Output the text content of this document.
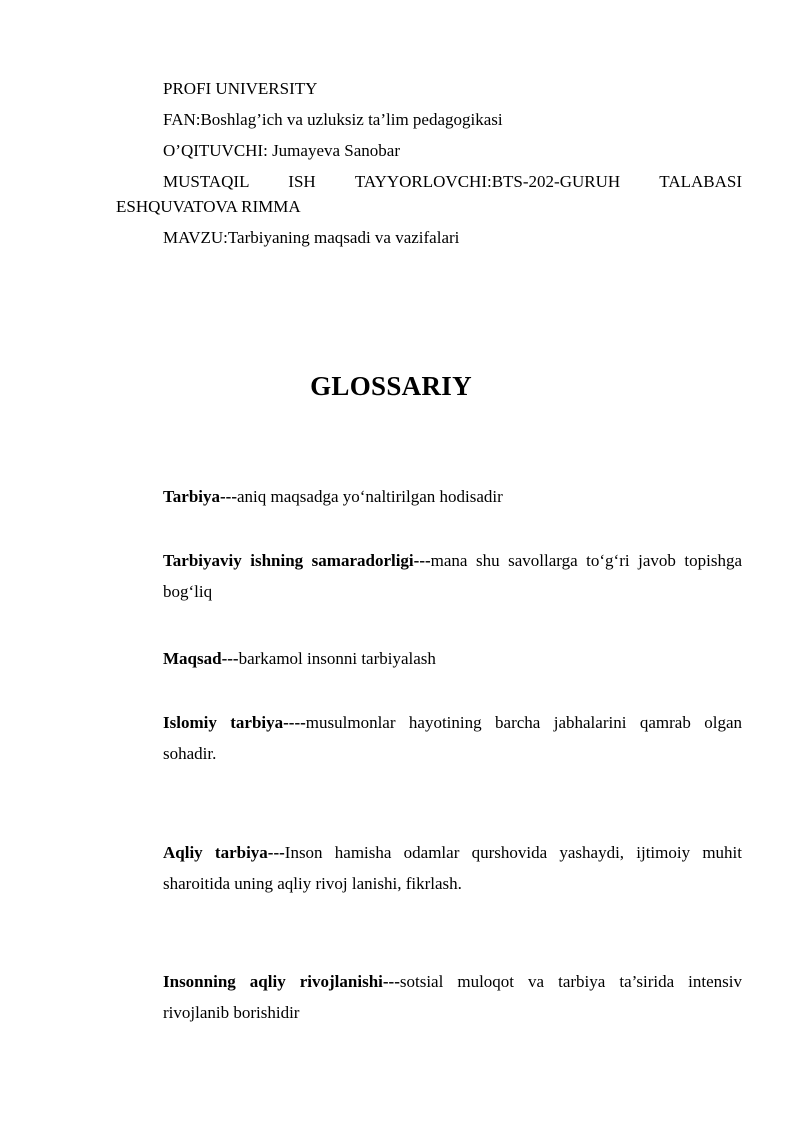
PROFI UNIVERSITY
FAN:Boshlag’ich va uzluksiz ta’lim pedagogikasi
O’QITUVCHI: Jumayeva Sanobar
MUSTAQIL ISH TAYYORLOVCHI:BTS-202-GURUH TALABASI
ESHQUVATOVA RIMMA
MAVZU:Tarbiyaning maqsadi va vazifalari
GLOSSARIY
Tarbiya---aniq maqsadga yo‘naltirilgan hodisadir
Tarbiyaviy ishning samaradorligi---mana shu savollarga to‘g‘ri javob topishga bog‘liq
Maqsad---barkamol insonni tarbiyalash
Islomiy tarbiya----musulmonlar hayotining barcha jabhalarini qamrab olgan sohadir.
Aqliy tarbiya---Inson hamisha odamlar qurshovida yashaydi, ijtimoiy muhit sharoitida uning aqliy rivoj lanishi, fikrlash.
Insonning aqliy rivojlanishi---sotsial muloqot va tarbiya ta’sirida intensiv rivojlanib borishidir
